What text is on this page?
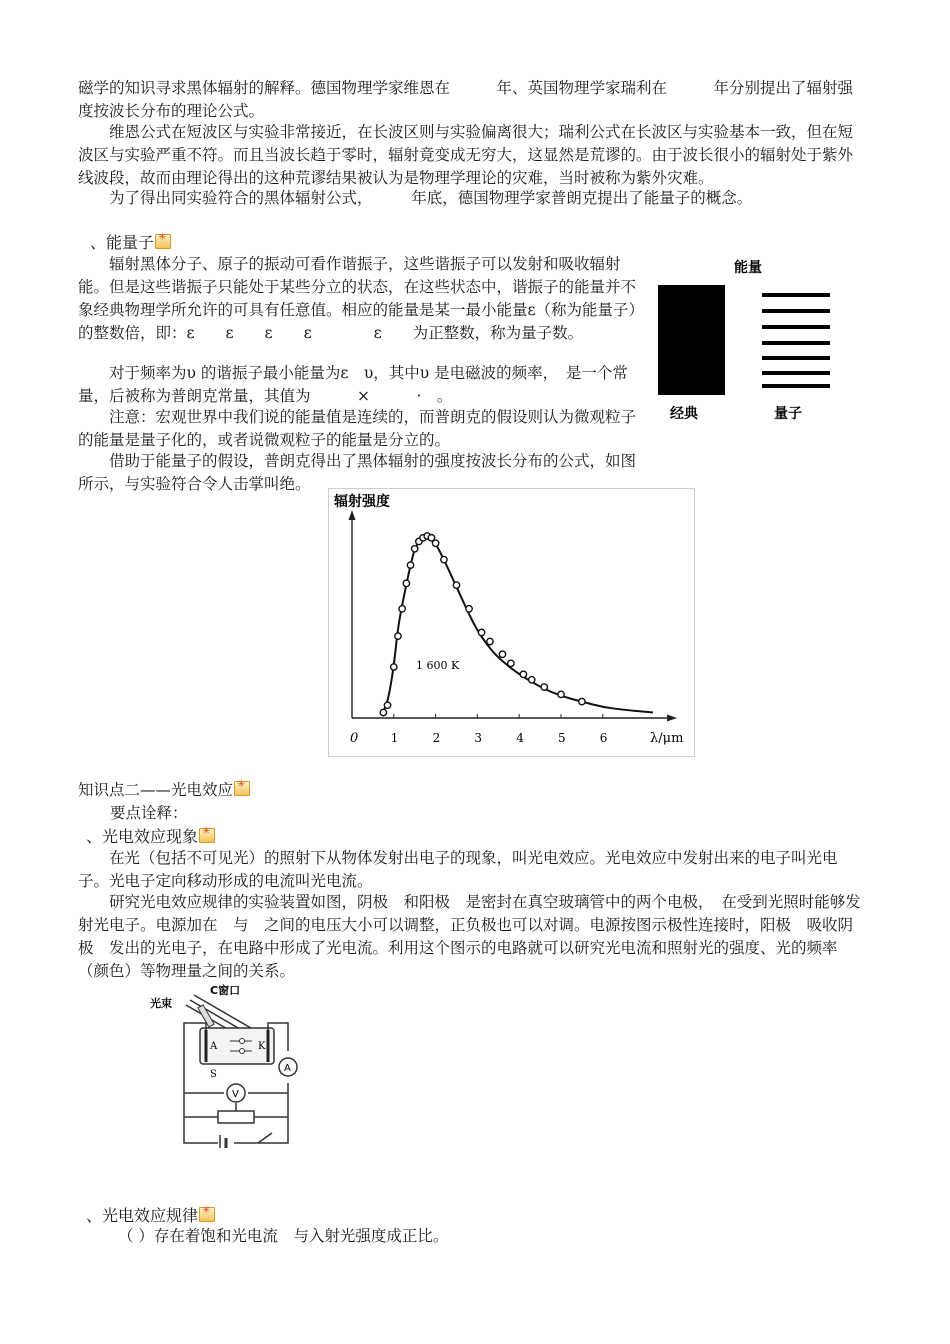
磁学的知识寻求黑体辐射的解释。德国物理学家维恩在　　　年、英国物理学家瑞利在　　　年分别提出了辐射强度按波长分布的理论公式。

维恩公式在短波区与实验非常接近，在长波区则与实验偏离很大；瑞利公式在长波区与实验基本一致，但在短波区与实验严重不符。而且当波长趋于零时，辐射竟变成无穷大，这显然是荒谬的。由于波长很小的辐射处于紫外线波段，故而由理论得出的这种荒谬结果被认为是物理学理论的灾难，当时被称为紫外灾难。

为了得出同实验符合的黑体辐射公式，　　　年底，德国物理学家普朗克提出了能量子的概念。

、能量子✳

辐射黑体分子、原子的振动可看作谐振子，这些谐振子可以发射和吸收辐射能。但是这些谐振子只能处于某些分立的状态，在这些状态中，谐振子的能量并不象经典物理学所允许的可具有任意值。相应的能量是某一最小能量ε（称为能量子）的整数倍，即：ε　　ε　　ε　　ε　　　　ε　　为正整数，称为量子数。

对于频率为υ 的谐振子最小能量为ε　υ，其中υ 是电磁波的频率，　是一个常量，后被称为普朗克常量，其值为　　　×　　　·　。

注意：宏观世界中我们说的能量值是连续的，而普朗克的假设则认为微观粒子的能量是量子化的，或者说微观粒子的能量是分立的。

借助于能量子的假设，普朗克得出了黑体辐射的强度按波长分布的公式，如图所示，与实验符合令人击掌叫绝。

能量
经典	量子
辐射强度
0	λ/μm
1 600 K
1	2	3	4	5	6
知识点二——光电效应✳

要点诠释：

、光电效应现象✳

在光（包括不可见光）的照射下从物体发射出电子的现象，叫光电效应。光电效应中发射出来的电子叫光电子。光电子定向移动形成的电流叫光电流。

研究光电效应规律的实验装置如图，阴极　和阳极　是密封在真空玻璃管中的两个电极，　在受到光照时能够发射光电子。电源加在　与　之间的电压大小可以调整，正负极也可以对调。电源按图示极性连接时，阳极　吸收阴极　发出的光电子，在电路中形成了光电流。利用这个图示的电路就可以研究光电流和照射光的强度、光的频率（颜色）等物理量之间的关系。

光束
C窗口
A	K
S
A
V
、光电效应规律✳

（ ）存在着饱和光电流　与入射光强度成正比。
